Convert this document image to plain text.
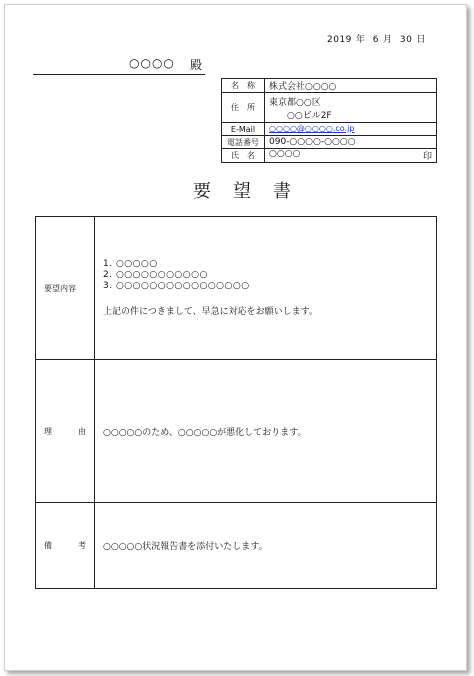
2019 年 6 月 30 日
○○○○ 殿
名　称	株式会社○○○○
住　所	東京都○○区
○○ビル2F

E-Mail	○○○○@○○○○.co.jp
電話番号	090-○○○○-○○○○
氏　名	○○○○ 印
要望書
要望内容	1. ○○○○○
2. ○○○○○○○○○○○
3. ○○○○○○○○○○○○○○○○
上記の件につきまして、早急に対応をお願いします。

理 由	○○○○○のため、○○○○○が悪化しております。

備 考	○○○○○状況報告書を添付いたします。
